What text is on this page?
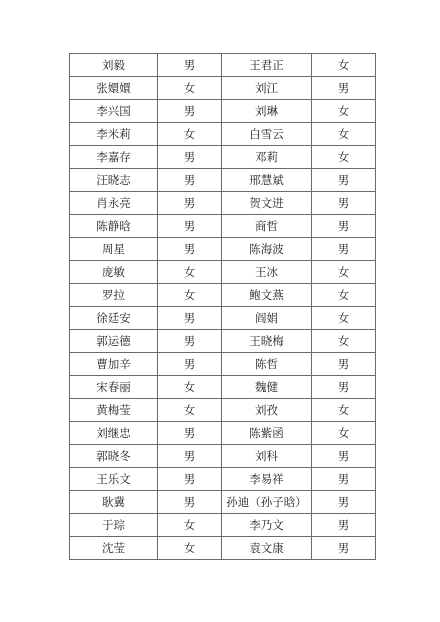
刘毅	男	王君正	女
张嬛嬛	女	刘江	男
李兴国	男	刘琳	女
李米莉	女	白雪云	女
李嘉存	男	邓莉	女
汪晓志	男	邢慧斌	男
肖永亮	男	贺文进	男
陈静晗	男	商哲	男
周星	男	陈海波	男
庞敏	女	王冰	女
罗拉	女	鲍文燕	女
徐廷安	男	阎娟	女
郭运德	男	王晓梅	女
曹加辛	男	陈哲	男
宋春丽	女	魏健	男
黄梅莹	女	刘孜	女
刘继忠	男	陈紫函	女
郭晓冬	男	刘科	男
王乐文	男	李易祥	男
耿冀	男	孙迪（孙子晗）	男
于琮	女	李乃文	男
沈莹	女	袁文康	男
